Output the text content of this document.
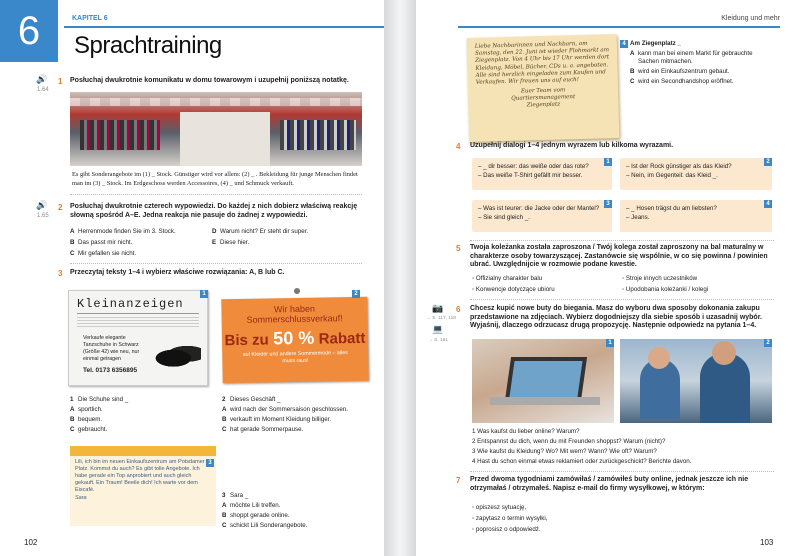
6	KAPITEL 6
Sprachtraining
🔊
1.64
1 Posłuchaj dwukrotnie komunikatu w domu towarowym i uzupełnij poniższą notatkę.
Es gibt Sonderangebote im (1) _ Stock. Günstiger wird vor allem: (2) _ . Bekleidung für junge Menschen findet man im (3) _ Stock. Im Erdgeschoss werden Accessoires, (4) _ und Schmuck verkauft.
🔊
1.65
2 Posłuchaj dwukrotnie czterech wypowiedzi. Do każdej z nich dobierz właściwą reakcję
słowną spośród A–E. Jedna reakcja nie pasuje do żadnej z wypowiedzi.
A Herrenmode finden Sie im 3. Stock.
B Das passt mir nicht.
C Mir gefallen sie nicht.
D Warum nicht? Er steht dir super.
E Diese hier.
3 Przeczytaj teksty 1–4 i wybierz właściwe rozwiązania: A, B lub C.
Kleinanzeigen
Verkaufe elegante Tanzschuhe in Schwarz (Größe 42) wie neu, nur einmal getragen
Tel. 0173 6356895
1
Wir haben
Sommerschlussverkauf!
Bis zu 50 % Rabatt
auf Kleider und andere Sommermode – alles muss raus!
2
1 Die Schuhe sind _
A sportlich.
B bequem.
C gebraucht.
2 Dieses Geschäft _
A wird nach der Sommersaison geschlossen.
B verkauft im Moment Kleidung billiger.
C hat gerade Sommerpause.
Lili, ich bin im neuen Einkaufszentrum am Potsdamer Platz. Kommst du auch? Es gibt tolle Angebote. Ich habe gerade ein Top anprobiert und auch gleich gekauft. Ein Traum! Beeile dich! Ich warte vor dem Eiscafé.
Sara
3
3 Sara _
A möchte Lili treffen.
B shoppt gerade online.
C schickt Lili Sonderangebote.
102
Kleidung und mehr
Liebe Nachbarinnen und Nachbarn, am Samstag, den 22. Juni ist wieder Flohmarkt am Ziegenplatz. Von 4 Uhr bis 17 Uhr werden dort Kleidung, Möbel, Bücher, CDs u. a. angeboten. Alle sind herzlich eingeladen zum Kaufen und Verkaufen. Wir freuen uns auf euch!
Euer Team vom Quartiersmanagement Ziegenplatz
4 Am Ziegenplatz _
A kann man bei einem Markt für gebrauchte Sachen mitmachen.
B wird ein Einkaufszentrum gebaut.
C wird ein Secondhandshop eröffnet.
4 Uzupełnij dialogi 1–4 jednym wyrazem lub kilkoma wyrazami.
– _ dir besser: das weiße oder das rote?
– Das weiße T-Shirt gefällt mir besser.
1
– Ist der Rock günstiger als das Kleid?
– Nein, im Gegenteil: das Kleid _.
2
– Was ist teurer: die Jacke oder der Mantel?
– Sie sind gleich _.
3
– _ Hosen trägst du am liebsten?
– Jeans.
4
5 Twoja koleżanka została zaproszona / Twój kolega został zaproszony na bal maturalny w charakterze osoby towarzyszącej. Zastanówcie się wspólnie, w co się powinna / powinien ubrać. Uwzględnijcie w rozmowie podane kwestie.
◦ Offizialny charakter balu
◦ Konwencje dotyczące ubioru
◦ Stroje innych uczestników
◦ Upodobania koleżanki / kolegi
📷
→ S. 117, 118
💻
→ S. 161
6 Chcesz kupić nowe buty do biegania. Masz do wyboru dwa sposoby dokonania zakupu przedstawione na zdjęciach. Wybierz dogodniejszy dla siebie sposób i uzasadnij wybór. Wyjaśnij, dlaczego odrzucasz drugą propozycję. Następnie odpowiedz na pytania 1–4.
1	2
1 Was kaufst du lieber online? Warum?
2 Entspannst du dich, wenn du mit Freunden shoppst? Warum (nicht)?
3 Wie kaufst du Kleidung? Wo? Mit wem? Wann? Wie oft? Warum?
4 Hast du schon einmal etwas reklamiert oder zurückgeschickt? Berichte davon.
7 Przed dwoma tygodniami zamówiłaś / zamówiłeś buty online, jednak jeszcze ich nie otrzymałaś / otrzymałeś. Napisz e-mail do firmy wysyłkowej, w którym:
◦ opiszesz sytuację,
◦ zapytasz o termin wysyłki,
◦ poprosisz o odpowiedź.
103
